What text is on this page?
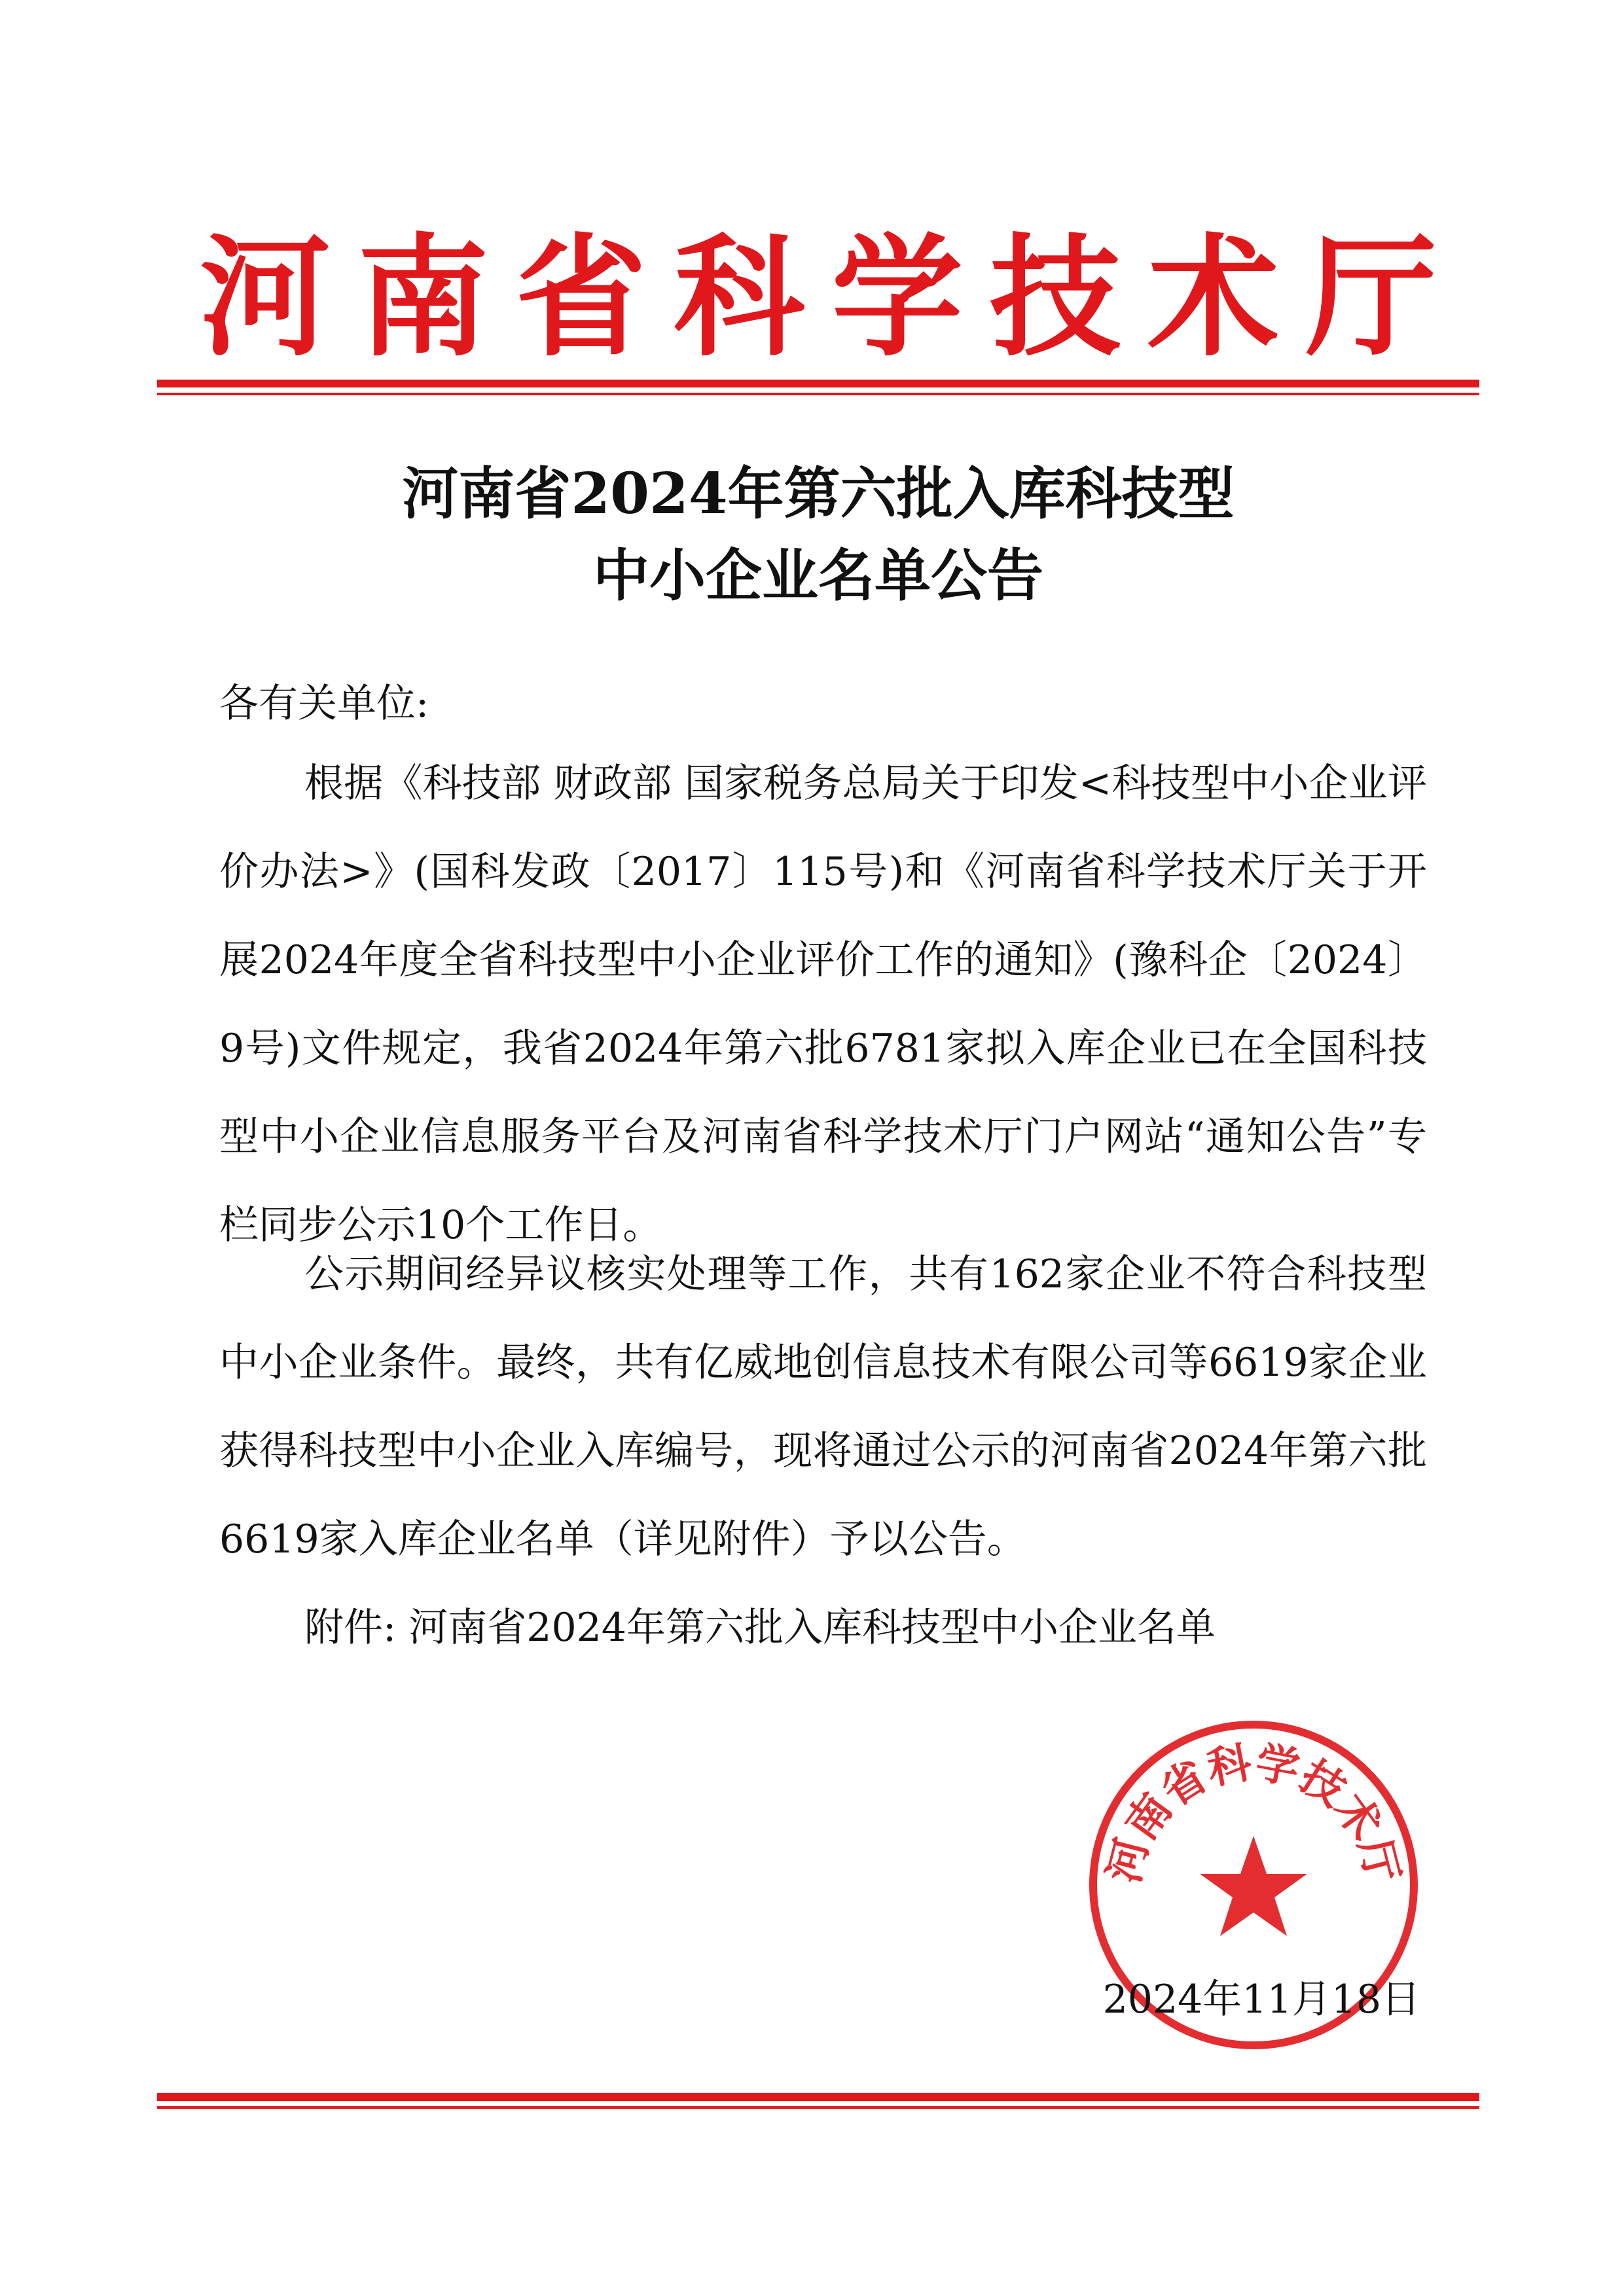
河 南 省 科 学 技 术 厅
河南省2024年第六批入库科技型
中小企业名单公告
各有关单位:
根据《科技部 财政部 国家税务总局关于印发<科技型中小企业评价办法>》(国科发政〔2017〕115号)和《河南省科学技术厅关于开展2024年度全省科技型中小企业评价工作的通知》(豫科企〔2024〕9号)文件规定，我省2024年第六批6781家拟入库企业已在全国科技型中小企业信息服务平台及河南省科学技术厅门户网站“通知公告”专栏同步公示10个工作日。
公示期间经异议核实处理等工作，共有162家企业不符合科技型中小企业条件。最终，共有亿威地创信息技术有限公司等6619家企业获得科技型中小企业入库编号，现将通过公示的河南省2024年第六批6619家入库企业名单（详见附件）予以公告。
附件: 河南省2024年第六批入库科技型中小企业名单
河南省科学技术厅
2024年11月18日
